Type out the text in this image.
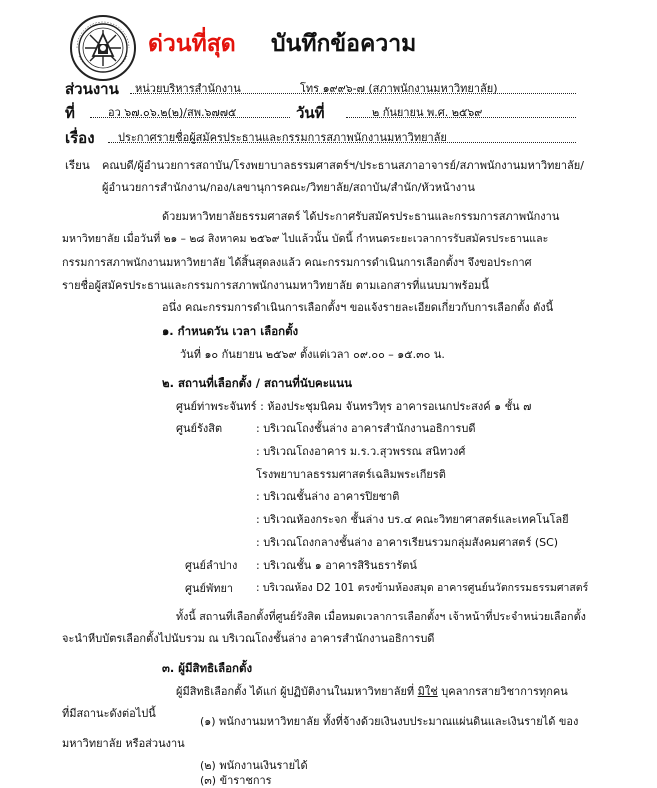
ด่วนที่สุด บันทึกข้อความ
ส่วนงาน หน่วยบริหารสำนักงาน	โทร ๑๙๙๖-๗ (สภาพนักงานมหาวิทยาลัย)
ที่	อว ๖๗.๐๖.๒(๒)/สพ.๖๗๗๕	วันที่	๒ กันยายน พ.ศ. ๒๕๖๙
เรื่อง ประกาศรายชื่อผู้สมัครประธานและกรรมการสภาพนักงานมหาวิทยาลัย
เรียน คณบดี/ผู้อำนวยการสถาบัน/โรงพยาบาลธรรมศาสตร์ฯ/ประธานสภาอาจารย์/สภาพนักงานมหาวิทยาลัย/
ผู้อำนวยการสำนักงาน/กอง/เลขานุการคณะ/วิทยาลัย/สถาบัน/สำนัก/หัวหน้างาน
ด้วยมหาวิทยาลัยธรรมศาสตร์ ได้ประกาศรับสมัครประธานและกรรมการสภาพนักงาน
มหาวิทยาลัย เมื่อวันที่ ๒๑ – ๒๘ สิงหาคม ๒๕๖๙ ไปแล้วนั้น บัดนี้ กำหนดระยะเวลาการรับสมัครประธานและ
กรรมการสภาพนักงานมหาวิทยาลัย ได้สิ้นสุดลงแล้ว คณะกรรมการดำเนินการเลือกตั้งฯ จึงขอประกาศ
รายชื่อผู้สมัครประธานและกรรมการสภาพนักงานมหาวิทยาลัย ตามเอกสารที่แนบมาพร้อมนี้
อนึ่ง คณะกรรมการดำเนินการเลือกตั้งฯ ขอแจ้งรายละเอียดเกี่ยวกับการเลือกตั้ง ดังนี้
๑. กำหนดวัน เวลา เลือกตั้ง
วันที่ ๑๐ กันยายน ๒๕๖๙ ตั้งแต่เวลา ๐๙.๐๐ – ๑๕.๓๐ น.
๒. สถานที่เลือกตั้ง / สถานที่นับคะแนน
ศูนย์ท่าพระจันทร์ : ห้องประชุมนิคม จันทรวิทุร อาคารอเนกประสงค์ ๑ ชั้น ๗
ศูนย์รังสิต	: บริเวณโถงชั้นล่าง อาคารสำนักงานอธิการบดี
: บริเวณโถงอาคาร ม.ร.ว.สุวพรรณ สนิทวงศ์
โรงพยาบาลธรรมศาสตร์เฉลิมพระเกียรติ
: บริเวณชั้นล่าง อาคารปิยชาติ
: บริเวณห้องกระจก ชั้นล่าง บร.๔ คณะวิทยาศาสตร์และเทคโนโลยี
: บริเวณโถงกลางชั้นล่าง อาคารเรียนรวมกลุ่มสังคมศาสตร์ (SC)
ศูนย์ลำปาง : บริเวณชั้น ๑ อาคารสิรินธรารัตน์
ศูนย์พัทยา : บริเวณห้อง D2 101 ตรงข้ามห้องสมุด อาคารศูนย์นวัตกรรมธรรมศาสตร์
ทั้งนี้ สถานที่เลือกตั้งที่ศูนย์รังสิต เมื่อหมดเวลาการเลือกตั้งฯ เจ้าหน้าที่ประจำหน่วยเลือกตั้ง
จะนำหีบบัตรเลือกตั้งไปนับรวม ณ บริเวณโถงชั้นล่าง อาคารสำนักงานอธิการบดี
๓. ผู้มีสิทธิเลือกตั้ง
ผู้มีสิทธิเลือกตั้ง ได้แก่ ผู้ปฏิบัติงานในมหาวิทยาลัยที่ มิใช่ บุคลากรสายวิชาการทุกคน
ที่มีสถานะดังต่อไปนี้
(๑) พนักงานมหาวิทยาลัย ทั้งที่จ้างด้วยเงินงบประมาณแผ่นดินและเงินรายได้ ของ
มหาวิทยาลัย หรือส่วนงาน
(๒) พนักงานเงินรายได้
(๓) ข้าราชการ
